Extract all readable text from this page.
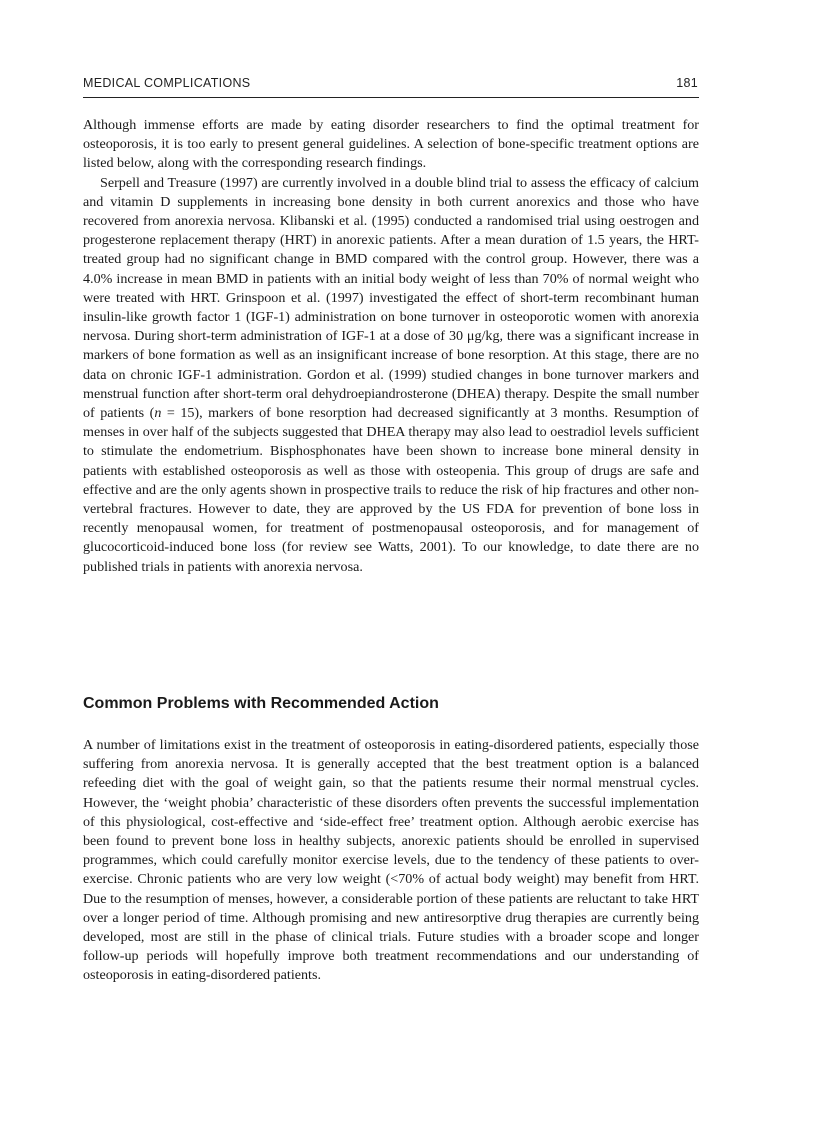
MEDICAL COMPLICATIONS	181

Although immense efforts are made by eating disorder researchers to find the optimal treatment for osteoporosis, it is too early to present general guidelines. A selection of bone-specific treatment options are listed below, along with the corresponding research findings.

Serpell and Treasure (1997) are currently involved in a double blind trial to assess the efficacy of calcium and vitamin D supplements in increasing bone density in both current anorexics and those who have recovered from anorexia nervosa. Klibanski et al. (1995) conducted a randomised trial using oestrogen and progesterone replacement therapy (HRT) in anorexic patients. After a mean duration of 1.5 years, the HRT-treated group had no significant change in BMD compared with the control group. However, there was a 4.0% increase in mean BMD in patients with an initial body weight of less than 70% of normal weight who were treated with HRT. Grinspoon et al. (1997) investigated the effect of short-term recombinant human insulin-like growth factor 1 (IGF-1) administration on bone turnover in osteoporotic women with anorexia nervosa. During short-term administration of IGF-1 at a dose of 30 μg/kg, there was a significant increase in markers of bone formation as well as an insignificant increase of bone resorption. At this stage, there are no data on chronic IGF-1 administration. Gordon et al. (1999) studied changes in bone turnover markers and menstrual function after short-term oral dehydroepiandrosterone (DHEA) therapy. Despite the small number of patients (n = 15), markers of bone resorption had decreased significantly at 3 months. Resumption of menses in over half of the subjects suggested that DHEA therapy may also lead to oestradiol levels sufficient to stimulate the endometrium. Bisphosphonates have been shown to increase bone mineral density in patients with established osteoporosis as well as those with osteopenia. This group of drugs are safe and effective and are the only agents shown in prospective trails to reduce the risk of hip fractures and other non-vertebral fractures. However to date, they are approved by the US FDA for prevention of bone loss in recently menopausal women, for treatment of postmenopausal osteoporosis, and for management of glucocorticoid-induced bone loss (for review see Watts, 2001). To our knowledge, to date there are no published trials in patients with anorexia nervosa.

Common Problems with Recommended Action

A number of limitations exist in the treatment of osteoporosis in eating-disordered patients, especially those suffering from anorexia nervosa. It is generally accepted that the best treatment option is a balanced refeeding diet with the goal of weight gain, so that the patients resume their normal menstrual cycles. However, the ‘weight phobia’ characteristic of these disorders often prevents the successful implementation of this physiological, cost-effective and ‘side-effect free’ treatment option. Although aerobic exercise has been found to prevent bone loss in healthy subjects, anorexic patients should be enrolled in supervised programmes, which could carefully monitor exercise levels, due to the tendency of these patients to over-exercise. Chronic patients who are very low weight (<70% of actual body weight) may benefit from HRT. Due to the resumption of menses, however, a considerable portion of these patients are reluctant to take HRT over a longer period of time. Although promising and new antiresorptive drug therapies are currently being developed, most are still in the phase of clinical trials. Future studies with a broader scope and longer follow-up periods will hopefully improve both treatment recommendations and our understanding of osteoporosis in eating-disordered patients.
